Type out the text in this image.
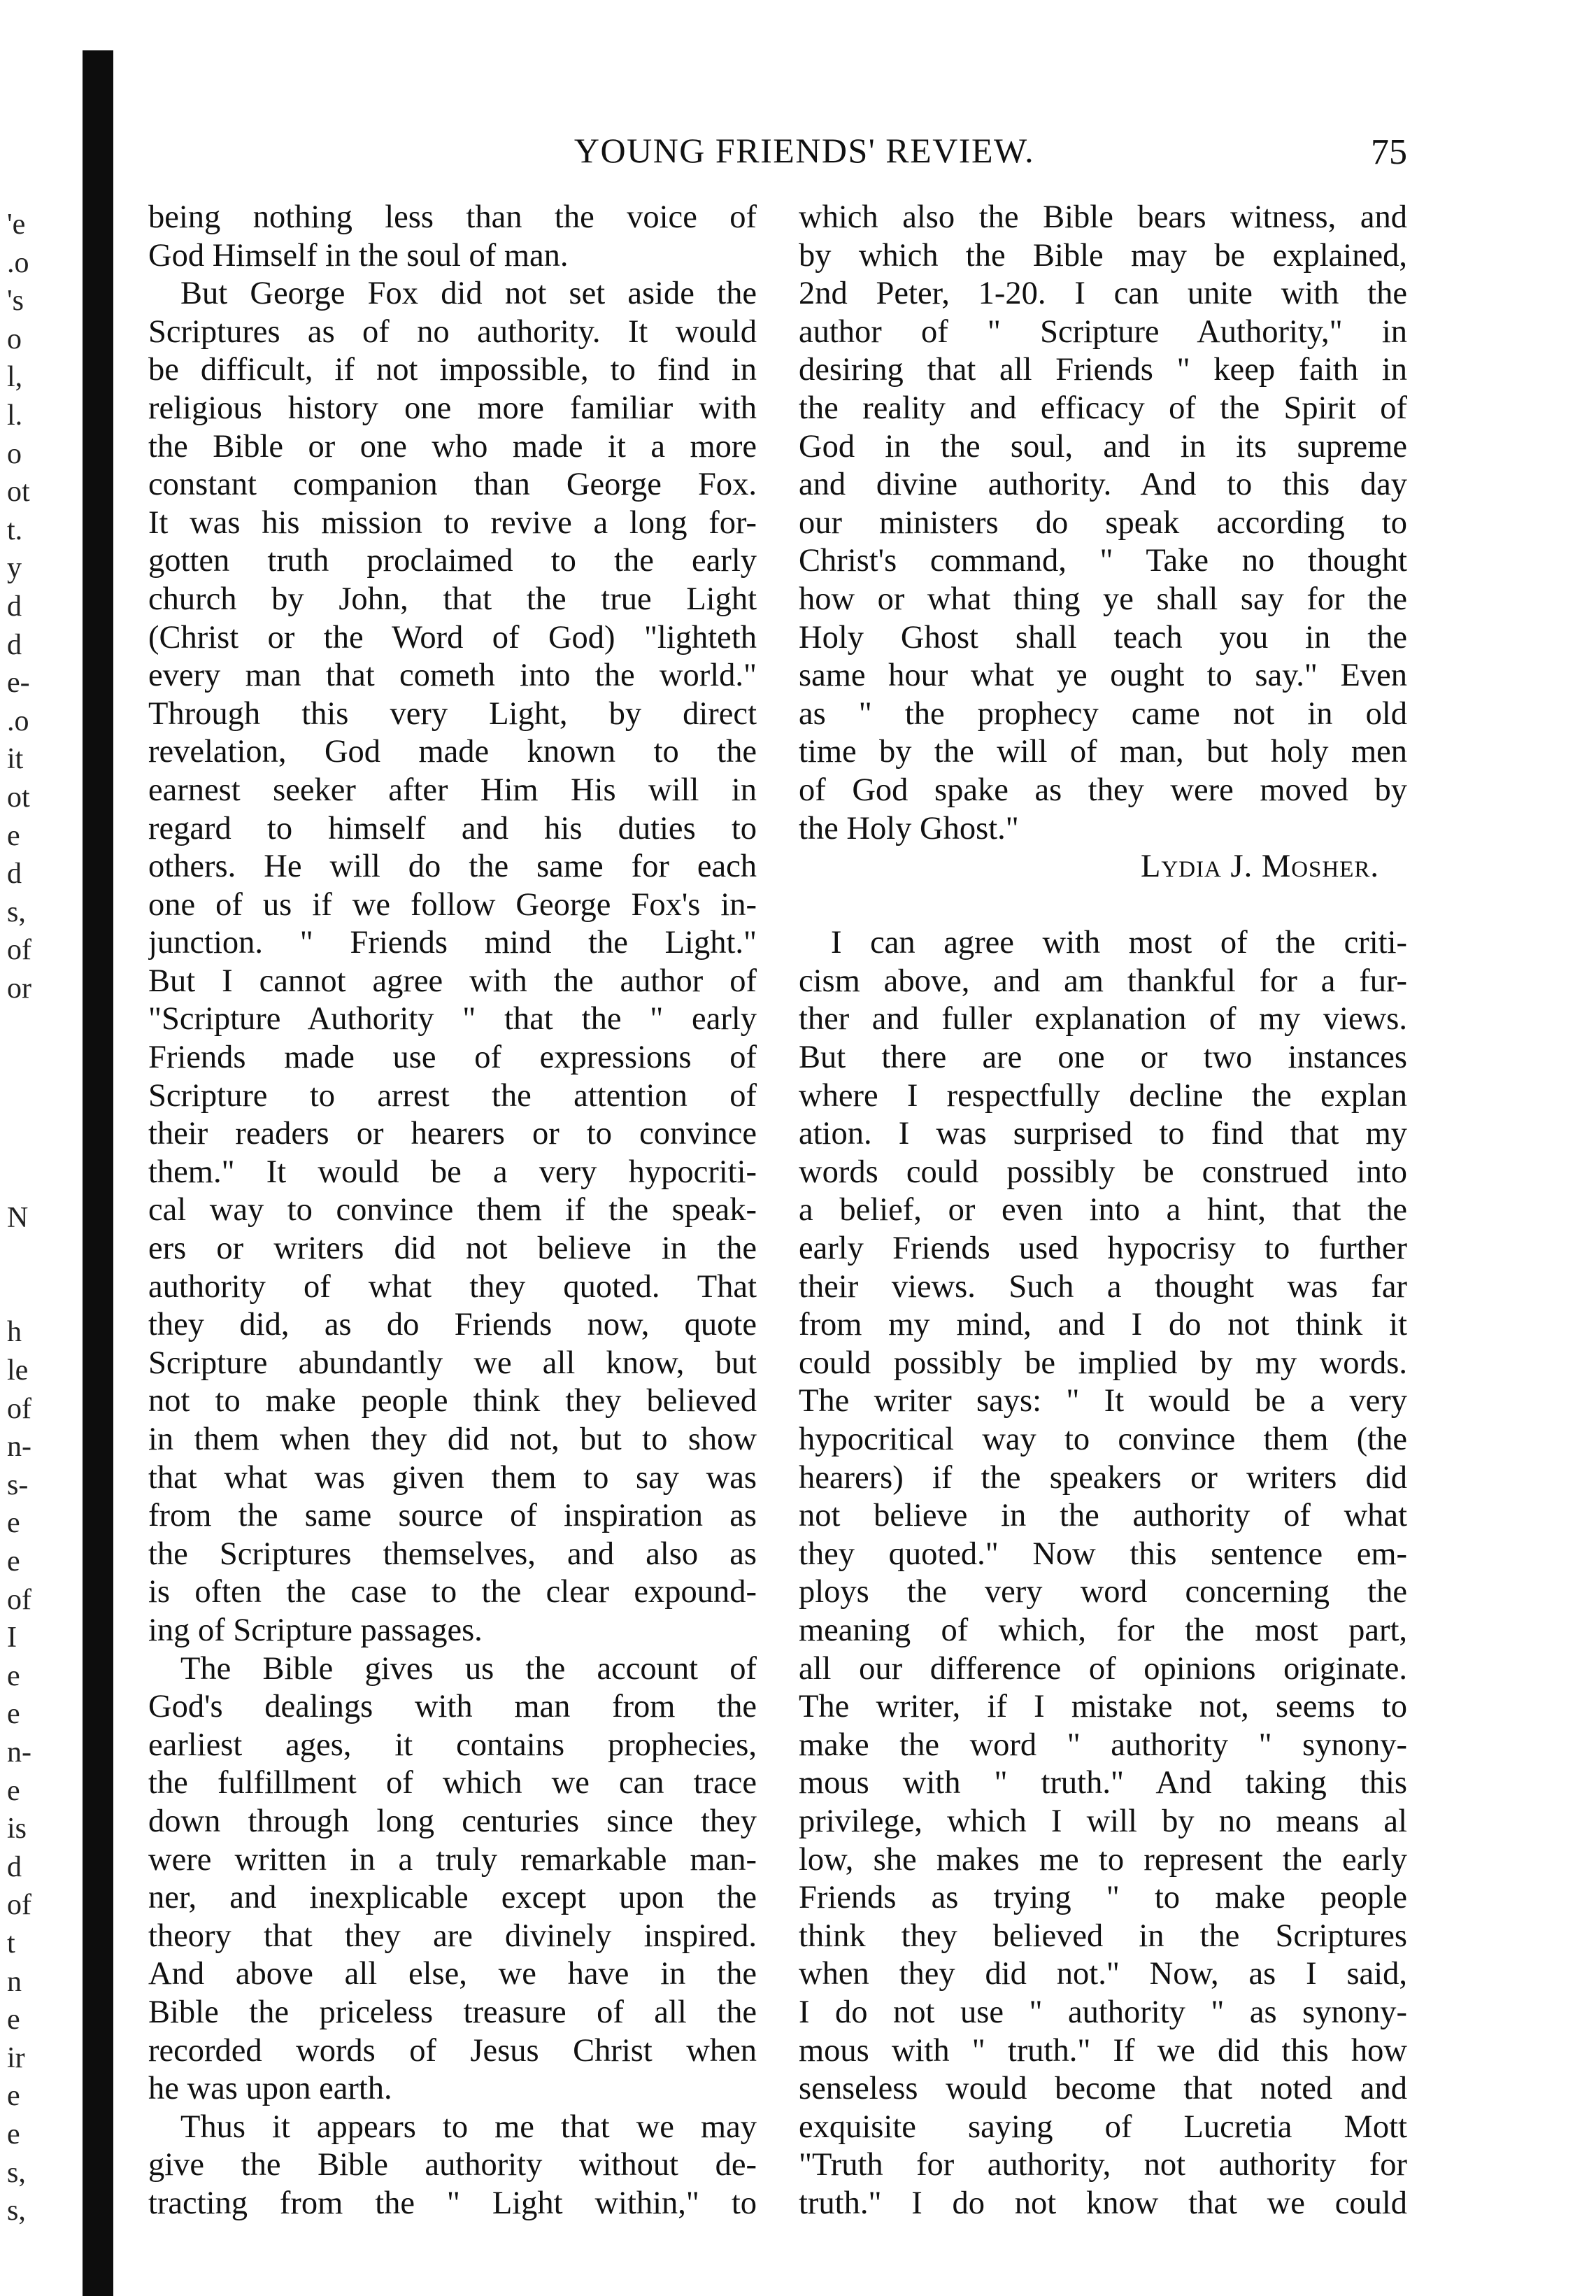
'e
.o
's
o
l,
l.
o
ot
t.
y
d
d
e-
.o
it
ot
e
d
s,
of
or
N
h
le
of
n-
s-
e
e
of
I
e
e
n-
e
is
d
of
t
n
e
ir
e
e
s,
s,
YOUNG FRIENDS' REVIEW.	75
being nothing less than the voice of
God Himself in the soul of man.
But George Fox did not set aside the
Scriptures as of no authority. It would
be difficult, if not impossible, to find in
religious history one more familiar with
the Bible or one who made it a more
constant companion than George Fox.
It was his mission to revive a long for-
gotten truth proclaimed to the early
church by John, that the true Light
(Christ or the Word of God) "lighteth
every man that cometh into the world."
Through this very Light, by direct
revelation, God made known to the
earnest seeker after Him His will in
regard to himself and his duties to
others. He will do the same for each
one of us if we follow George Fox's in-
junction. " Friends mind the Light."
But I cannot agree with the author of
"Scripture Authority " that the " early
Friends made use of expressions of
Scripture to arrest the attention of
their readers or hearers or to convince
them." It would be a very hypocriti-
cal way to convince them if the speak-
ers or writers did not believe in the
authority of what they quoted. That
they did, as do Friends now, quote
Scripture abundantly we all know, but
not to make people think they believed
in them when they did not, but to show
that what was given them to say was
from the same source of inspiration as
the Scriptures themselves, and also as
is often the case to the clear expound-
ing of Scripture passages.
The Bible gives us the account of
God's dealings with man from the
earliest ages, it contains prophecies,
the fulfillment of which we can trace
down through long centuries since they
were written in a truly remarkable man-
ner, and inexplicable except upon the
theory that they are divinely inspired.
And above all else, we have in the
Bible the priceless treasure of all the
recorded words of Jesus Christ when
he was upon earth.
Thus it appears to me that we may
give the Bible authority without de-
tracting from the " Light within," to
which also the Bible bears witness, and
by which the Bible may be explained,
2nd Peter, 1-20. I can unite with the
author of " Scripture Authority," in
desiring that all Friends " keep faith in
the reality and efficacy of the Spirit of
God in the soul, and in its supreme
and divine authority. And to this day
our ministers do speak according to
Christ's command, " Take no thought
how or what thing ye shall say for the
Holy Ghost shall teach you in the
same hour what ye ought to say." Even
as " the prophecy came not in old
time by the will of man, but holy men
of God spake as they were moved by
the Holy Ghost."
Lydia J. Mosher.
I can agree with most of the criti-
cism above, and am thankful for a fur-
ther and fuller explanation of my views.
But there are one or two instances
where I respectfully decline the explan
ation. I was surprised to find that my
words could possibly be construed into
a belief, or even into a hint, that the
early Friends used hypocrisy to further
their views. Such a thought was far
from my mind, and I do not think it
could possibly be implied by my words.
The writer says: " It would be a very
hypocritical way to convince them (the
hearers) if the speakers or writers did
not believe in the authority of what
they quoted." Now this sentence em-
ploys the very word concerning the
meaning of which, for the most part,
all our difference of opinions originate.
The writer, if I mistake not, seems to
make the word " authority " synony-
mous with " truth." And taking this
privilege, which I will by no means al
low, she makes me to represent the early
Friends as trying " to make people
think they believed in the Scriptures
when they did not." Now, as I said,
I do not use " authority " as synony-
mous with " truth." If we did this how
senseless would become that noted and
exquisite saying of Lucretia Mott
"Truth for authority, not authority for
truth." I do not know that we could
